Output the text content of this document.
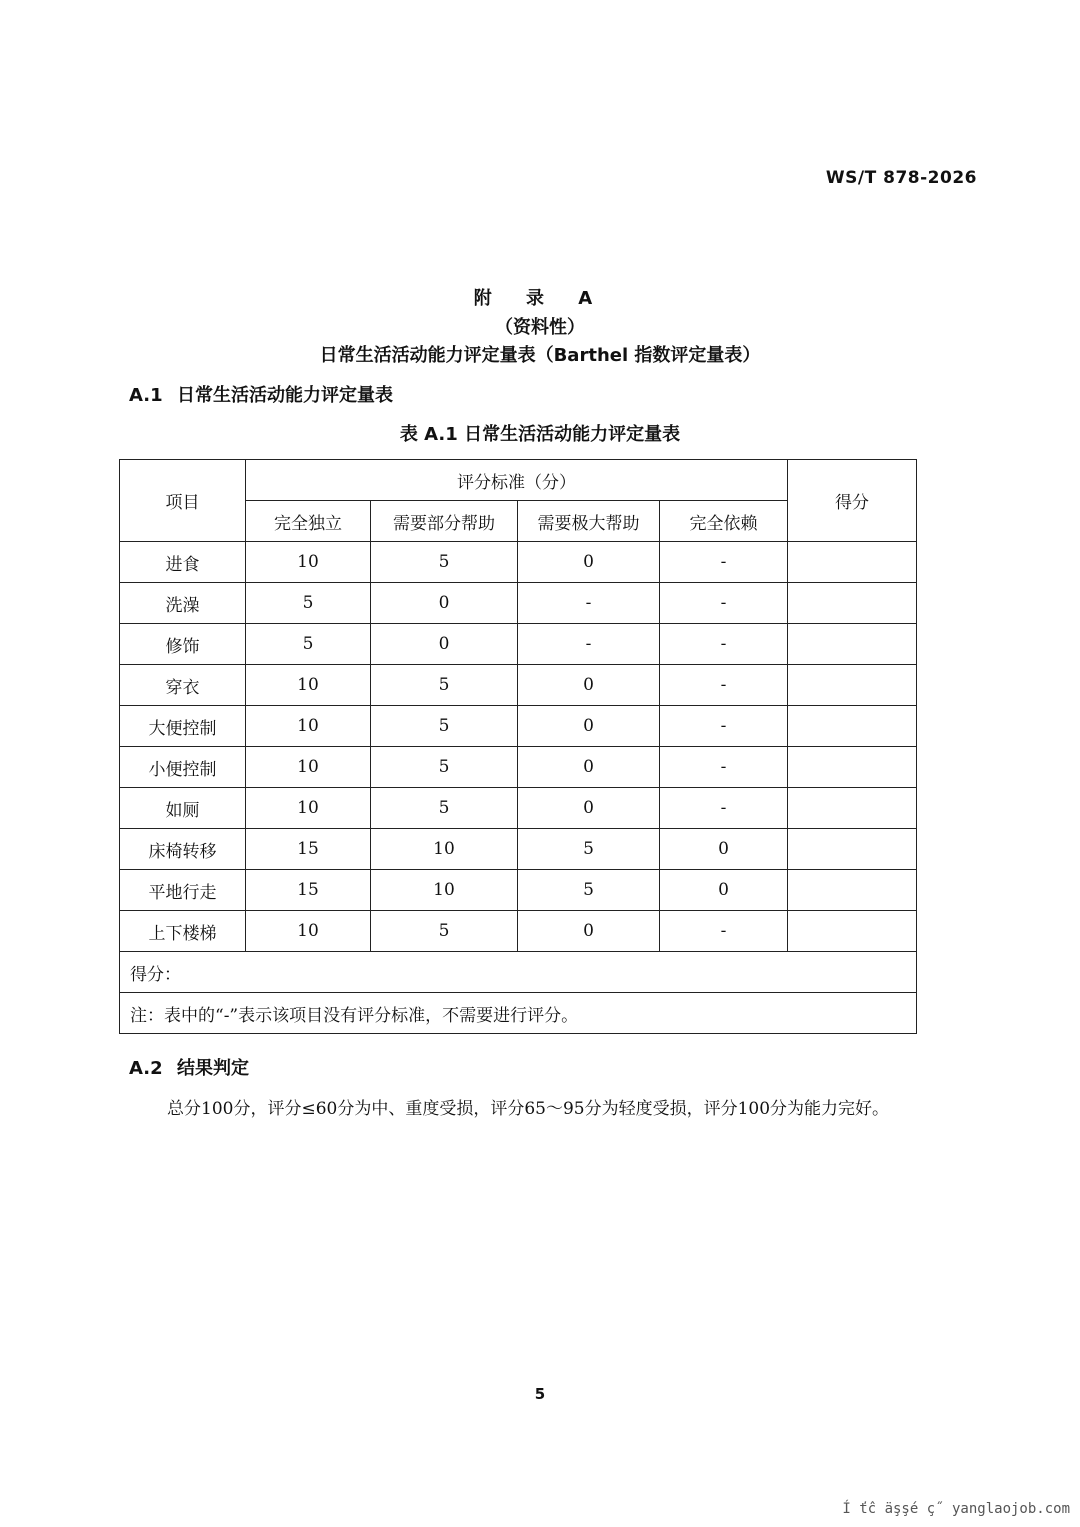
WS/T 878-2026
附 录 A
（资料性）
日常生活活动能力评定量表（Barthel 指数评定量表）
A.1 日常生活活动能力评定量表
表 A.1 日常生活活动能力评定量表
项目	评分标准（分）				得分
	完全独立	需要部分帮助	需要极大帮助	完全依赖	
进食	10	5	0	-	
洗澡	5	0	-	-	
修饰	5	0	-	-	
穿衣	10	5	0	-	
大便控制	10	5	0	-	
小便控制	10	5	0	-	
如厕	10	5	0	-	
床椅转移	15	10	5	0	
平地行走	15	10	5	0	
上下楼梯	10	5	0	-	
得分：					
注：表中的“-”表示该项目没有评分标准，不需要进行评分。					
A.2 结果判定
总分100分，评分≤60分为中、重度受损，评分65～95分为轻度受损，评分100分为能力完好。
5
Í ťĉ äşşé ç˝ yanglaojob.com
